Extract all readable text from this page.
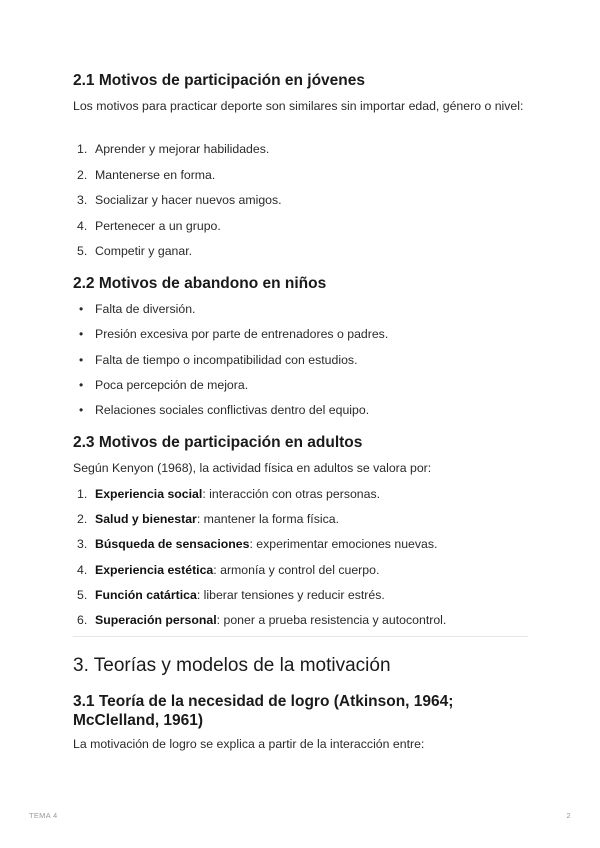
2.1 Motivos de participación en jóvenes

Los motivos para practicar deporte son similares sin importar edad, género o nivel:

1. Aprender y mejorar habilidades.
2. Mantenerse en forma.
3. Socializar y hacer nuevos amigos.
4. Pertenecer a un grupo.
5. Competir y ganar.
2.2 Motivos de abandono en niños
• Falta de diversión.
• Presión excesiva por parte de entrenadores o padres.
• Falta de tiempo o incompatibilidad con estudios.
• Poca percepción de mejora.
• Relaciones sociales conflictivas dentro del equipo.
2.3 Motivos de participación en adultos

Según Kenyon (1968), la actividad física en adultos se valora por:

1. Experiencia social: interacción con otras personas.
2. Salud y bienestar: mantener la forma física.
3. Búsqueda de sensaciones: experimentar emociones nuevas.
4. Experiencia estética: armonía y control del cuerpo.
5. Función catártica: liberar tensiones y reducir estrés.
6. Superación personal: poner a prueba resistencia y autocontrol.
3. Teorías y modelos de la motivación
3.1 Teoría de la necesidad de logro (Atkinson, 1964; McClelland, 1961)

La motivación de logro se explica a partir de la interacción entre:

TEMA 4	2
